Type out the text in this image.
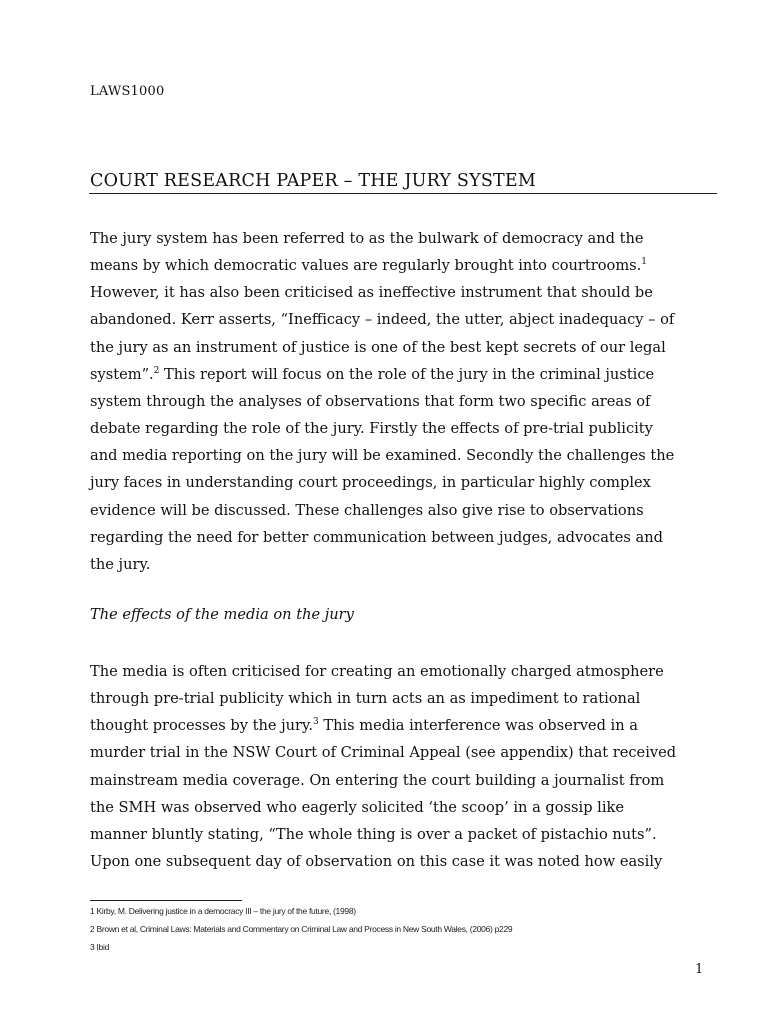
LAWS1000
COURT RESEARCH PAPER – THE JURY SYSTEM
The jury system has been referred to as the bulwark of democracy and the
means by which democratic values are regularly brought into courtrooms.$^1$
However, it has also been criticised as ineffective instrument that should be
abandoned. Kerr asserts, “Inefficacy – indeed, the utter, abject inadequacy – of
the jury as an instrument of justice is one of the best kept secrets of our legal
system”.$^2$ This report will focus on the role of the jury in the criminal justice
system through the analyses of observations that form two specific areas of
debate regarding the role of the jury. Firstly the effects of pre-trial publicity
and media reporting on the jury will be examined. Secondly the challenges the
jury faces in understanding court proceedings, in particular highly complex
evidence will be discussed. These challenges also give rise to observations
regarding the need for better communication between judges, advocates and
the jury.
The effects of the media on the jury
The media is often criticised for creating an emotionally charged atmosphere
through pre-trial publicity which in turn acts an as impediment to rational
thought processes by the jury.$^3$ This media interference was observed in a
murder trial in the NSW Court of Criminal Appeal (see appendix) that received
mainstream media coverage. On entering the court building a journalist from
the SMH was observed who eagerly solicited ‘the scoop’ in a gossip like
manner bluntly stating, “The whole thing is over a packet of pistachio nuts”.
Upon one subsequent day of observation on this case it was noted how easily
1 Kirby, M. Delivering justice in a democracy III – the jury of the future, (1998)
2 Brown et al, Criminal Laws: Materials and Commentary on Criminal Law and Process in New South Wales, (2006) p229
3 Ibid
1
